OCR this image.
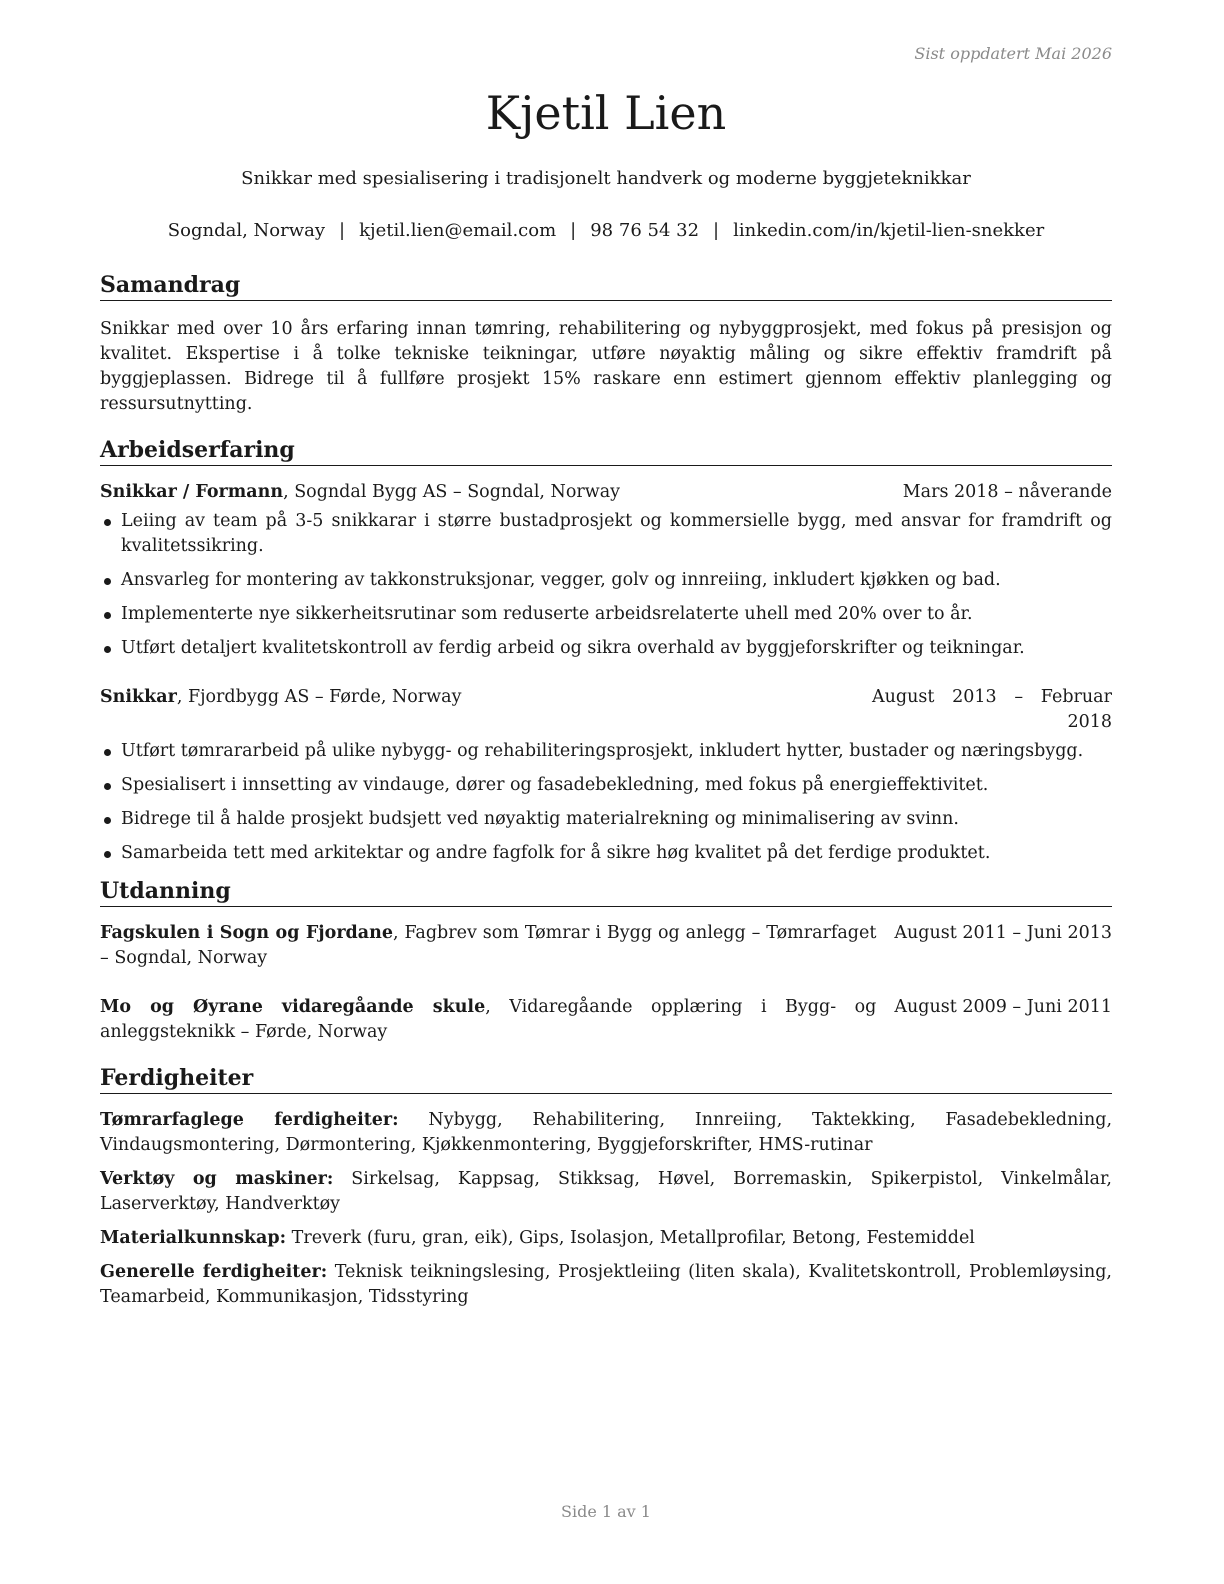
Sist oppdatert Mai 2026
Kjetil Lien
Snikkar med spesialisering i tradisjonelt handverk og moderne byggjeteknikkar
Sogndal, Norway | kjetil.lien@email.com | 98 76 54 32 | linkedin.com/in/kjetil-lien-snekker
Samandrag

Snikkar med over 10 års erfaring innan tømring, rehabilitering og nybyggprosjekt, med fokus på presisjon og kvalitet. Ekspertise i å tolke tekniske teikningar, utføre nøyaktig måling og sikre effektiv framdrift på byggjeplassen. Bidrege til å fullføre prosjekt 15% raskare enn estimert gjennom effektiv planlegging og ressursutnytting.

Arbeidserfaring
Snikkar / Formann, Sogndal Bygg AS – Sogndal, Norway	Mars 2018 – nåverande
Leiing av team på 3-5 snikkarar i større bustadprosjekt og kommersielle bygg, med ansvar for framdrift og kvalitetssikring.
Ansvarleg for montering av takkonstruksjonar, vegger, golv og innreiing, inkludert kjøkken og bad.
Implementerte nye sikkerheitsrutinar som reduserte arbeidsrelaterte uhell med 20% over to år.
Utført detaljert kvalitetskontroll av ferdig arbeid og sikra overhald av byggjeforskrifter og teikningar.
Snikkar, Fjordbygg AS – Førde, Norway	August 2013 – Februar 2018
Utført tømrararbeid på ulike nybygg- og rehabiliteringsprosjekt, inkludert hytter, bustader og næringsbygg.
Spesialisert i innsetting av vindauge, dører og fasadebekledning, med fokus på energieffektivitet.
Bidrege til å halde prosjekt budsjett ved nøyaktig materialrekning og minimalisering av svinn.
Samarbeida tett med arkitektar og andre fagfolk for å sikre høg kvalitet på det ferdige produktet.
Utdanning
Fagskulen i Sogn og Fjordane, Fagbrev som Tømrar i Bygg og anlegg – Tømrarfaget – Sogndal, Norway
August 2011 – Juni 2013
Mo og Øyrane vidaregåande skule, Vidaregåande opplæring i Bygg- og anleggsteknikk – Førde, Norway
August 2009 – Juni 2011
Ferdigheiter

Tømrarfaglege ferdigheiter: Nybygg, Rehabilitering, Innreiing, Taktekking, Fasadebekledning, Vindaugsmontering, Dørmontering, Kjøkkenmontering, Byggjeforskrifter, HMS-rutinar

Verktøy og maskiner: Sirkelsag, Kappsag, Stikksag, Høvel, Borremaskin, Spikerpistol, Vinkelmålar, Laserverktøy, Handverktøy

Materialkunnskap: Treverk (furu, gran, eik), Gips, Isolasjon, Metallprofilar, Betong, Festemiddel

Generelle ferdigheiter: Teknisk teikningslesing, Prosjektleiing (liten skala), Kvalitetskontroll, Problemløysing, Teamarbeid, Kommunikasjon, Tidsstyring

Side 1 av 1
